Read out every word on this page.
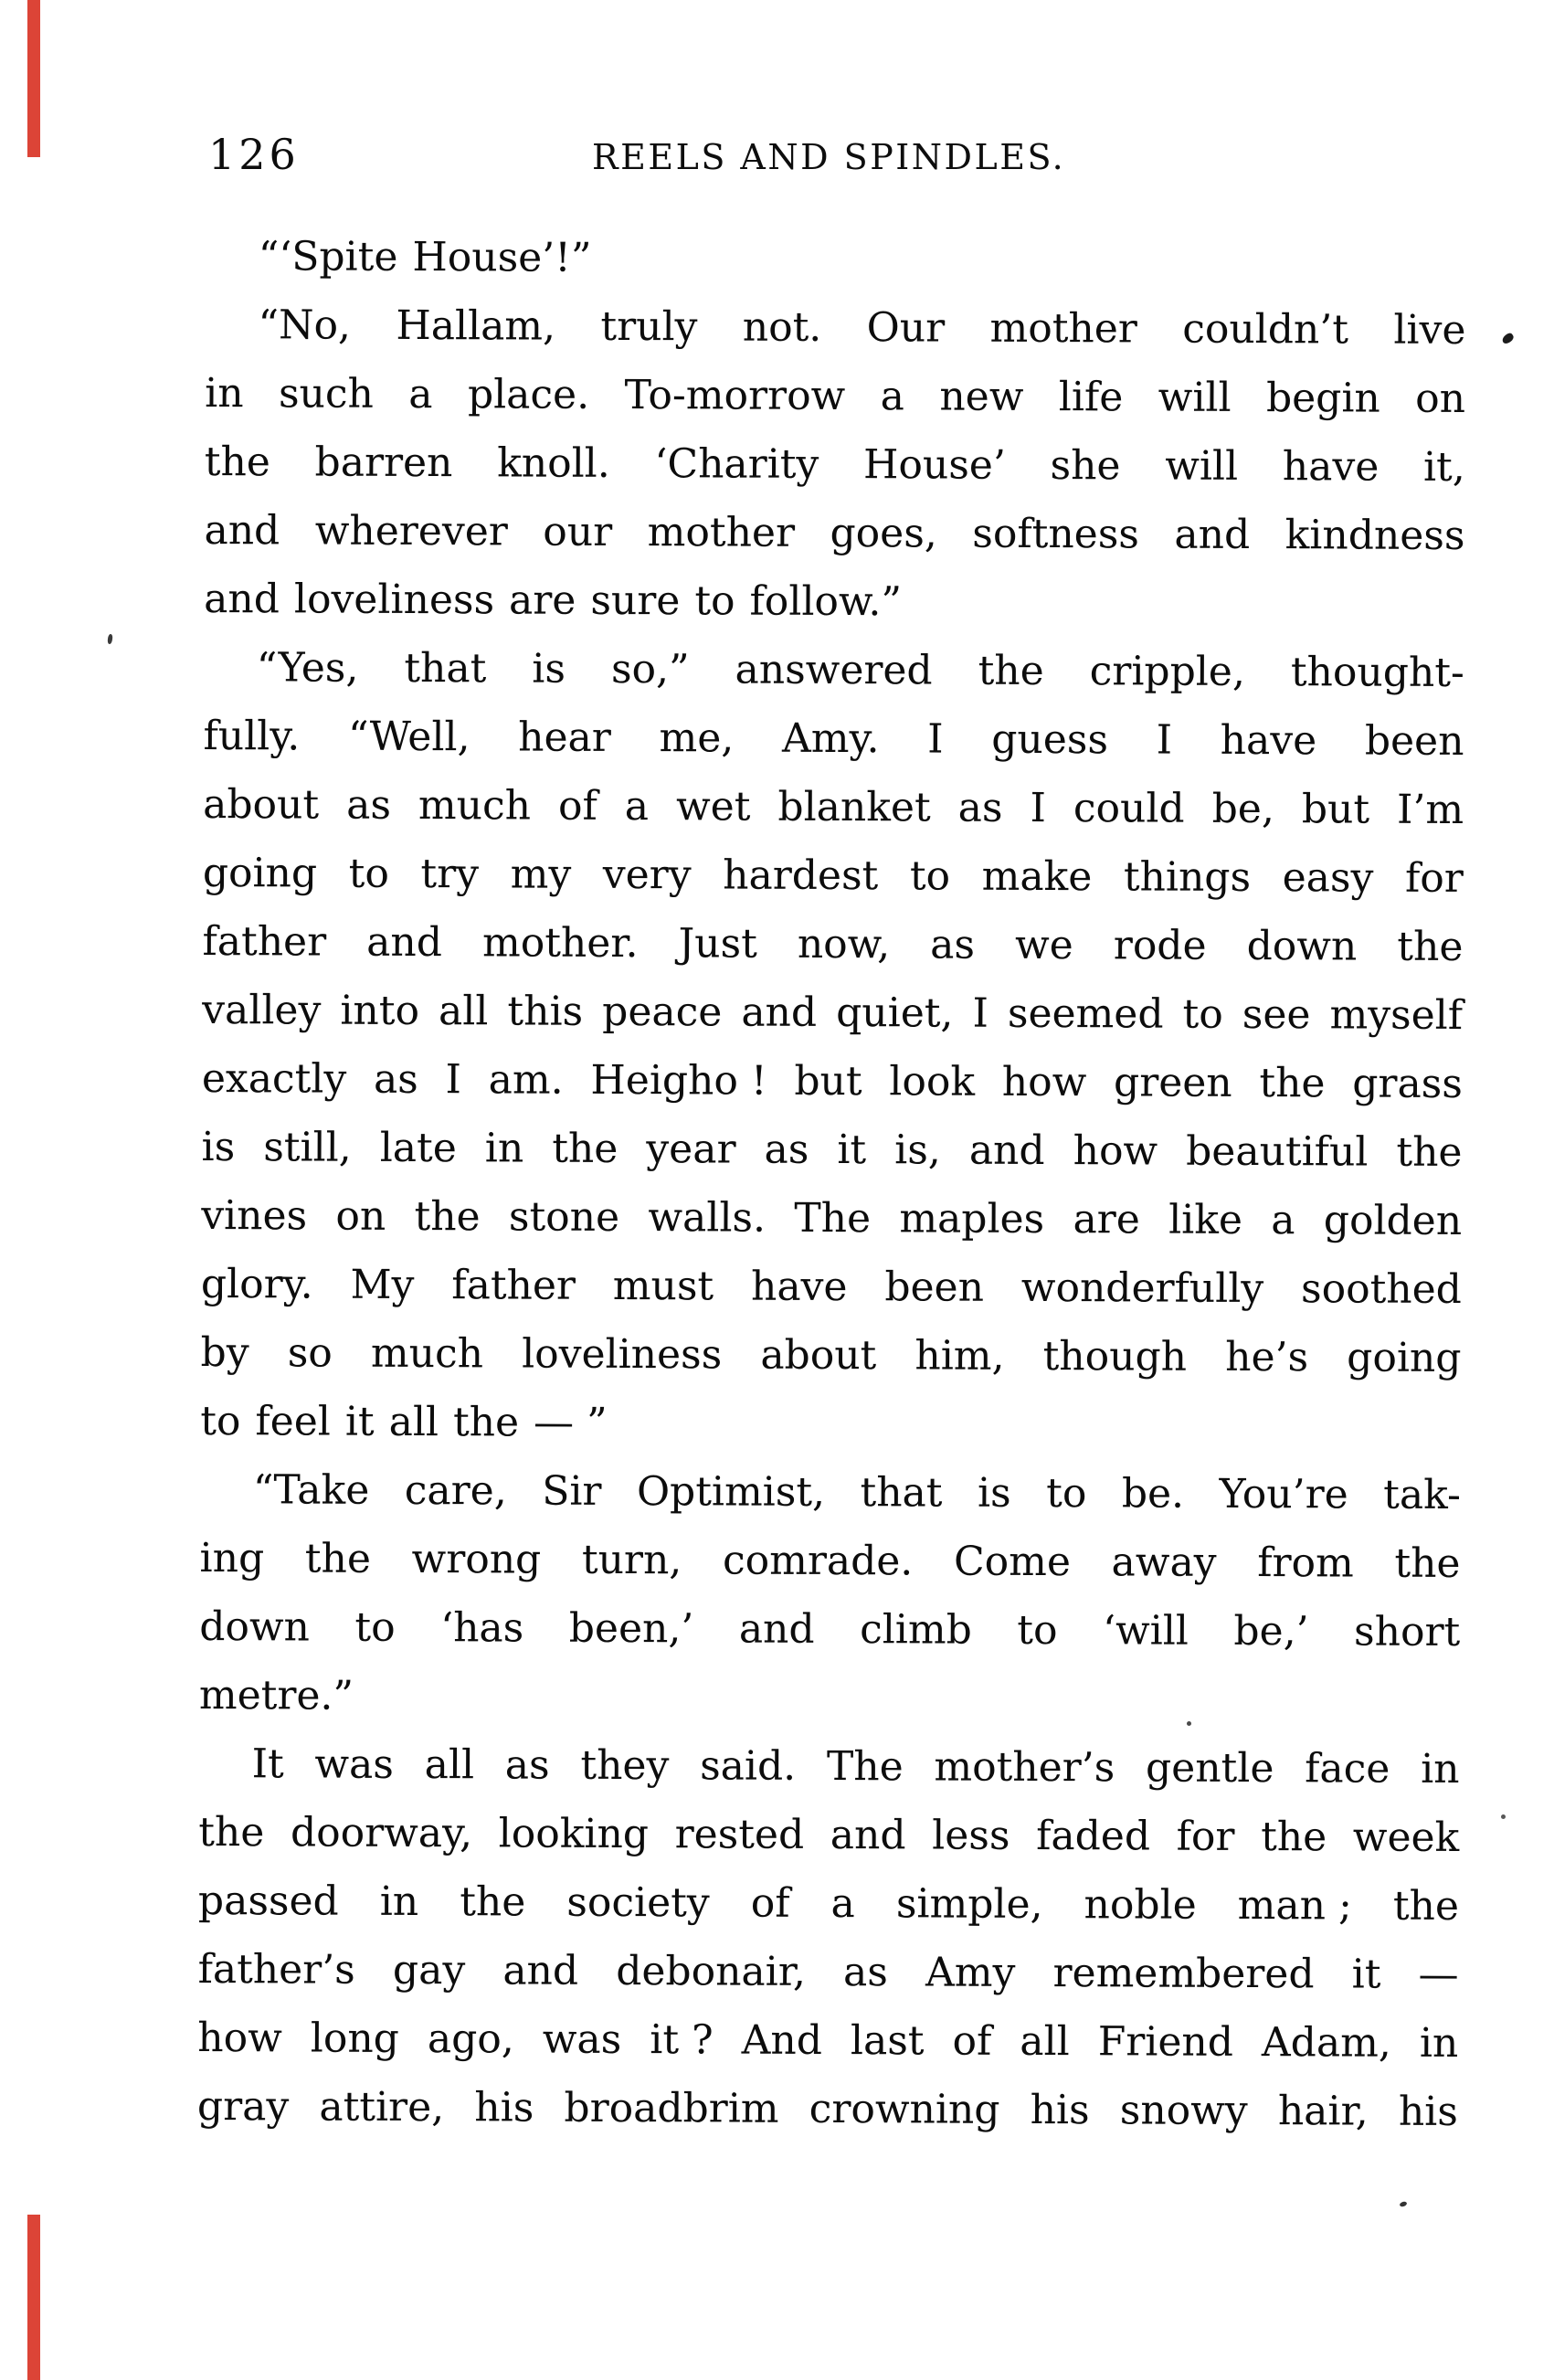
126	REELS AND SPINDLES.
“‘Spite House’!”
“No, Hallam, truly not. Our mother couldn’t live
in such a place. To-morrow a new life will begin on
the barren knoll. ‘Charity House’ she will have it,
and wherever our mother goes, softness and kindness
and loveliness are sure to follow.”
“Yes, that is so,” answered the cripple, thought-
fully. “Well, hear me, Amy. I guess I have been
about as much of a wet blanket as I could be, but I’m
going to try my very hardest to make things easy for
father and mother. Just now, as we rode down the
valley into all this peace and quiet, I seemed to see myself
exactly as I am. Heigho ! but look how green the grass
is still, late in the year as it is, and how beautiful the
vines on the stone walls. The maples are like a golden
glory. My father must have been wonderfully soothed
by so much loveliness about him, though he’s going
to feel it all the — ”
“Take care, Sir Optimist, that is to be. You’re tak-
ing the wrong turn, comrade. Come away from the
down to ‘has been,’ and climb to ‘will be,’ short
metre.”
It was all as they said. The mother’s gentle face in
the doorway, looking rested and less faded for the week
passed in the society of a simple, noble man ; the
father’s gay and debonair, as Amy remembered it —
how long ago, was it ? And last of all Friend Adam, in
gray attire, his broadbrim crowning his snowy hair, his
